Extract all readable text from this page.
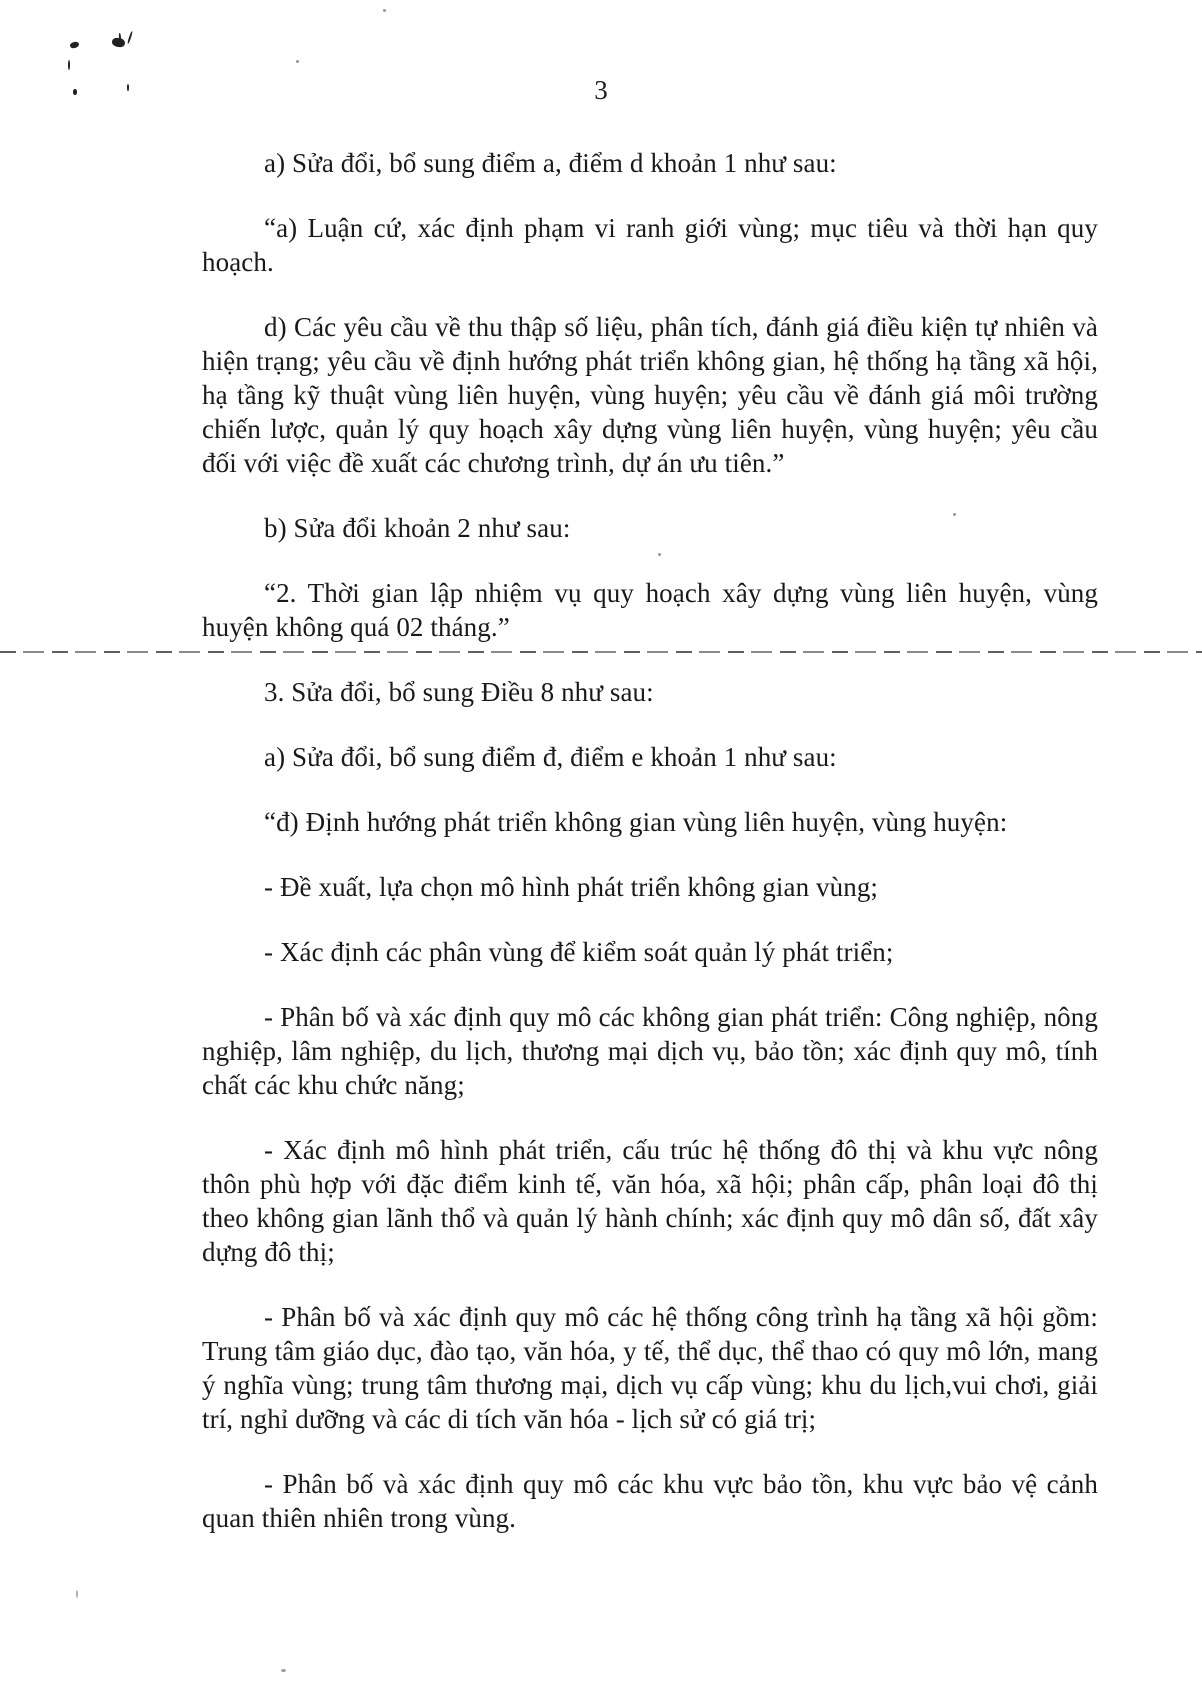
3

a) Sửa đổi, bổ sung điểm a, điểm d khoản 1 như sau:

“a) Luận cứ, xác định phạm vi ranh giới vùng; mục tiêu và thời hạn quy hoạch.

d) Các yêu cầu về thu thập số liệu, phân tích, đánh giá điều kiện tự nhiên và hiện trạng; yêu cầu về định hướng phát triển không gian, hệ thống hạ tầng xã hội, hạ tầng kỹ thuật vùng liên huyện, vùng huyện; yêu cầu về đánh giá môi trường chiến lược, quản lý quy hoạch xây dựng vùng liên huyện, vùng huyện; yêu cầu đối với việc đề xuất các chương trình, dự án ưu tiên.”

b) Sửa đổi khoản 2 như sau:

“2. Thời gian lập nhiệm vụ quy hoạch xây dựng vùng liên huyện, vùng huyện không quá 02 tháng.”

3. Sửa đổi, bổ sung Điều 8 như sau:

a) Sửa đổi, bổ sung điểm đ, điểm e khoản 1 như sau:

“đ) Định hướng phát triển không gian vùng liên huyện, vùng huyện:

- Đề xuất, lựa chọn mô hình phát triển không gian vùng;

- Xác định các phân vùng để kiểm soát quản lý phát triển;

- Phân bố và xác định quy mô các không gian phát triển: Công nghiệp, nông nghiệp, lâm nghiệp, du lịch, thương mại dịch vụ, bảo tồn; xác định quy mô, tính chất các khu chức năng;

- Xác định mô hình phát triển, cấu trúc hệ thống đô thị và khu vực nông thôn phù hợp với đặc điểm kinh tế, văn hóa, xã hội; phân cấp, phân loại đô thị theo không gian lãnh thổ và quản lý hành chính; xác định quy mô dân số, đất xây dựng đô thị;

- Phân bố và xác định quy mô các hệ thống công trình hạ tầng xã hội gồm: Trung tâm giáo dục, đào tạo, văn hóa, y tế, thể dục, thể thao có quy mô lớn, mang ý nghĩa vùng; trung tâm thương mại, dịch vụ cấp vùng; khu du lịch,vui chơi, giải trí, nghỉ dưỡng và các di tích văn hóa - lịch sử có giá trị;

- Phân bố và xác định quy mô các khu vực bảo tồn, khu vực bảo vệ cảnh quan thiên nhiên trong vùng.
